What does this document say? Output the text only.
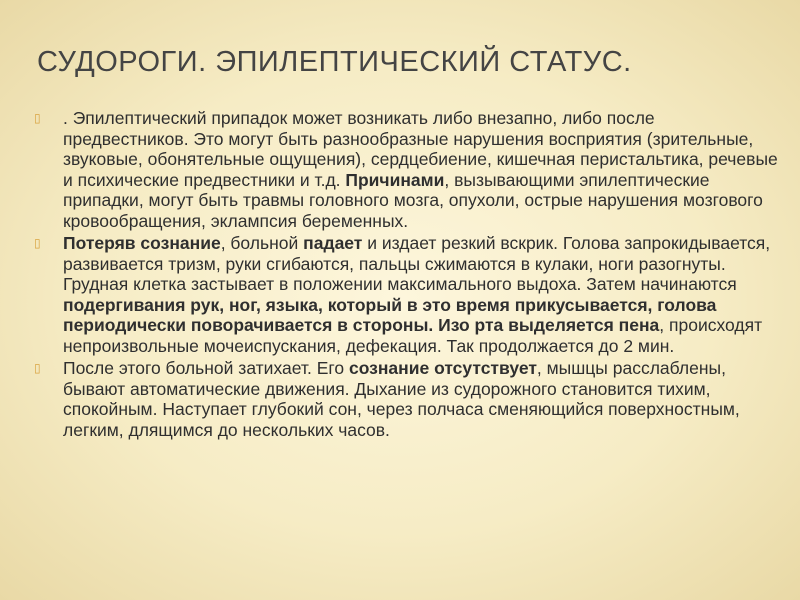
СУДОРОГИ. ЭПИЛЕПТИЧЕСКИЙ СТАТУС.
▯ . Эпилептический припадок может возникать либо внезапно, либо после предвестников. Это могут быть разнообразные нарушения восприятия (зрительные, звуковые, обонятельные ощущения), сердцебиение, кишечная перистальтика, речевые и психические предвестники и т.д. Причинами, вызывающими эпилептические припадки, могут быть травмы головного мозга, опухоли, острые нарушения мозгового кровообращения, эклампсия беременных.
▯ Потеряв сознание, больной падает и издает резкий вскрик. Голова запрокидывается, развивается тризм, руки сгибаются, пальцы сжимаются в кулаки, ноги разогнуты. Грудная клетка застывает в положении максимального выдоха. Затем начинаются подергивания рук, ног, языка, который в это время прикусывается, голова периодически поворачивается в стороны. Изо рта выделяется пена, происходят непроизвольные мочеиспускания, дефекация. Так продолжается до 2 мин.
▯ После этого больной затихает. Его сознание отсутствует, мышцы расслаблены, бывают автоматические движения. Дыхание из судорожного становится тихим, спокойным. Наступает глубокий сон, через полчаса сменяющийся поверхностным, легким, длящимся до нескольких часов.
